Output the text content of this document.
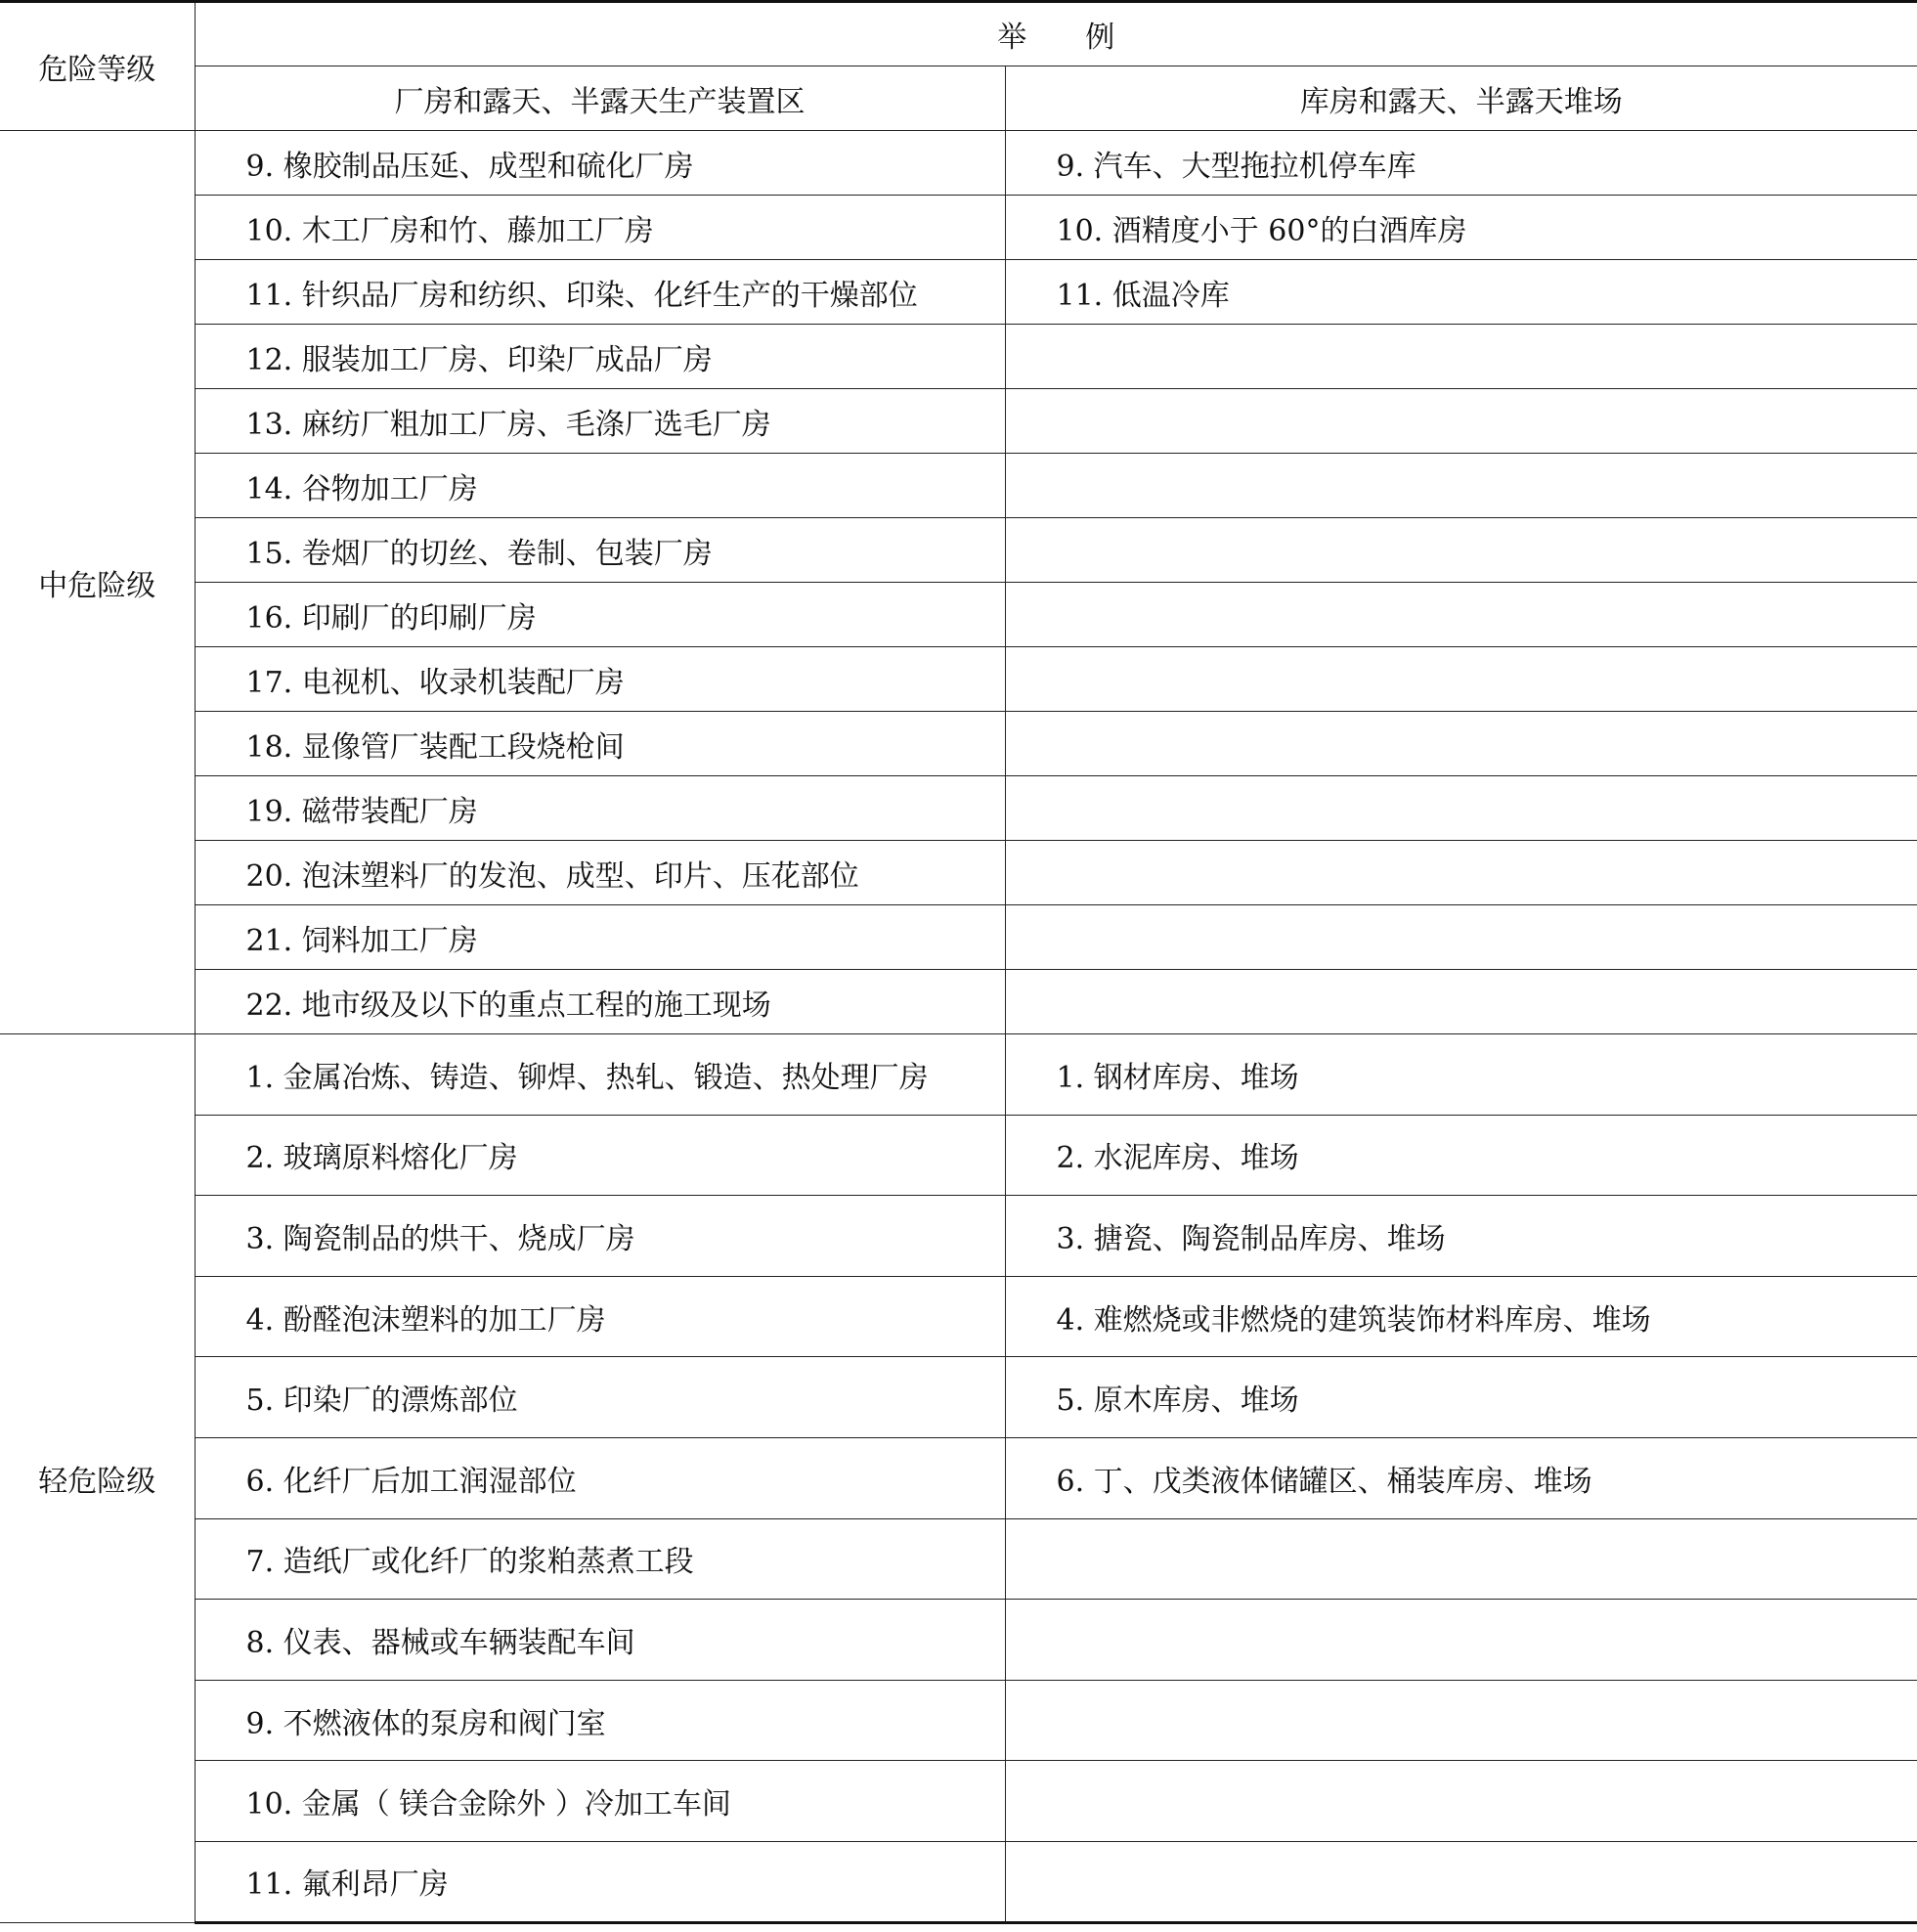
危险等级	举例	
	厂房和露天、半露天生产装置区	库房和露天、半露天堆场
中危险级	9. 橡胶制品压延、成型和硫化厂房	9. 汽车、大型拖拉机停车库
	10. 木工厂房和竹、藤加工厂房	10. 酒精度小于 60°的白酒库房
	11. 针织品厂房和纺织、印染、化纤生产的干燥部位	11. 低温冷库
	12. 服装加工厂房、印染厂成品厂房	
	13. 麻纺厂粗加工厂房、毛涤厂选毛厂房	
	14. 谷物加工厂房	
	15. 卷烟厂的切丝、卷制、包装厂房	
	16. 印刷厂的印刷厂房	
	17. 电视机、收录机装配厂房	
	18. 显像管厂装配工段烧枪间	
	19. 磁带装配厂房	
	20. 泡沫塑料厂的发泡、成型、印片、压花部位	
	21. 饲料加工厂房	
	22. 地市级及以下的重点工程的施工现场	
轻危险级	1. 金属冶炼、铸造、铆焊、热轧、锻造、热处理厂房	1. 钢材库房、堆场
	2. 玻璃原料熔化厂房	2. 水泥库房、堆场
	3. 陶瓷制品的烘干、烧成厂房	3. 搪瓷、陶瓷制品库房、堆场
	4. 酚醛泡沫塑料的加工厂房	4. 难燃烧或非燃烧的建筑装饰材料库房、堆场
	5. 印染厂的漂炼部位	5. 原木库房、堆场
	6. 化纤厂后加工润湿部位	6. 丁、戊类液体储罐区、桶装库房、堆场
	7. 造纸厂或化纤厂的浆粕蒸煮工段	
	8. 仪表、器械或车辆装配车间	
	9. 不燃液体的泵房和阀门室	
	10. 金属（ 镁合金除外 ）冷加工车间	
	11. 氟利昂厂房	
